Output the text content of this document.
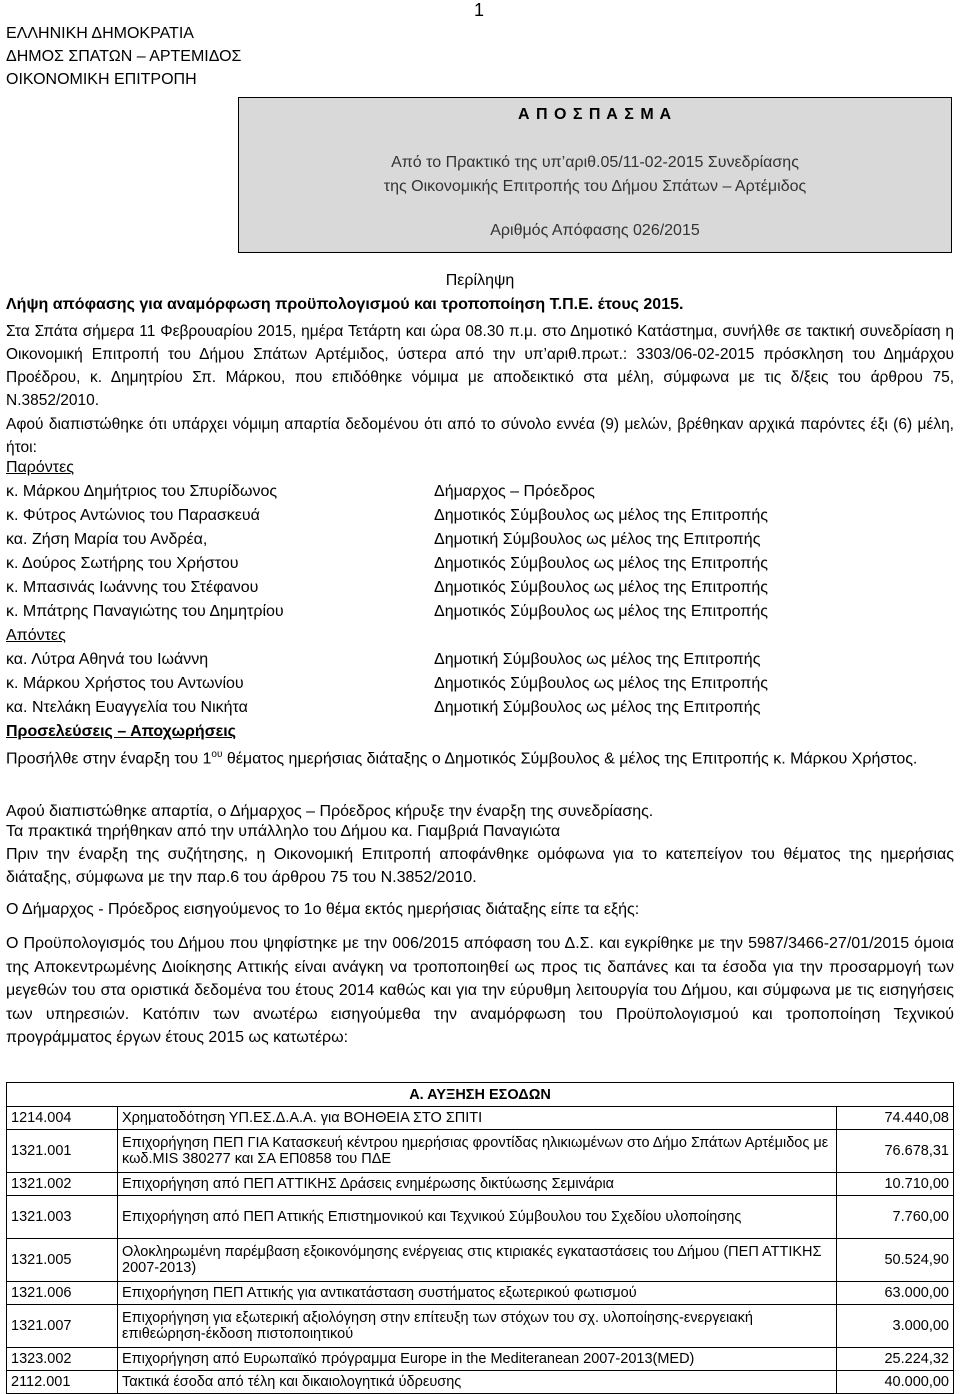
1
ΕΛΛΗΝΙΚΗ ΔΗΜΟΚΡΑΤΙΑ
ΔΗΜΟΣ ΣΠΑΤΩΝ – ΑΡΤΕΜΙΔΟΣ
ΟΙΚΟΝΟΜΙΚΗ ΕΠΙΤΡΟΠΗ
Α Π Ο Σ Π Α Σ Μ Α
Από το Πρακτικό της υπ’αριθ.05/11-02-2015 Συνεδρίασης
της Οικονομικής Επιτροπής του Δήμου Σπάτων – Αρτέμιδος
Αριθμός Απόφασης 026/2015
Περίληψη
Λήψη απόφασης για αναμόρφωση προϋπολογισμού και τροποποίηση Τ.Π.Ε. έτους 2015.
Στα Σπάτα σήμερα 11 Φεβρουαρίου 2015, ημέρα Τετάρτη και ώρα 08.30 π.μ. στο Δημοτικό Κατάστημα, συνήλθε σε τακτική συνεδρίαση η Οικονομική Επιτροπή του Δήμου Σπάτων Αρτέμιδος, ύστερα από την υπ’αριθ.πρωτ.: 3303/06-02-2015 πρόσκληση του Δημάρχου Προέδρου, κ. Δημητρίου Σπ. Μάρκου, που επιδόθηκε νόμιμα με αποδεικτικό στα μέλη, σύμφωνα με τις δ/ξεις του άρθρου 75, Ν.3852/2010.
Αφού διαπιστώθηκε ότι υπάρχει νόμιμη απαρτία δεδομένου ότι από το σύνολο εννέα (9) μελών, βρέθηκαν αρχικά παρόντες έξι (6) μέλη, ήτοι:
Παρόντες
κ. Μάρκου Δημήτριος του Σπυρίδωνος	Δήμαρχος – Πρόεδρος
κ. Φύτρος Αντώνιος του Παρασκευά	Δημοτικός Σύμβουλος ως μέλος της Επιτροπής
κα. Ζήση Μαρία του Ανδρέα,	Δημοτική Σύμβουλος ως μέλος της Επιτροπής
κ. Δούρος Σωτήρης του Χρήστου	Δημοτικός Σύμβουλος ως μέλος της Επιτροπής
κ. Μπασινάς Ιωάννης του Στέφανου	Δημοτικός Σύμβουλος ως μέλος της Επιτροπής
κ. Μπάτρης Παναγιώτης του Δημητρίου	Δημοτικός Σύμβουλος ως μέλος της Επιτροπής
Απόντες
κα. Λύτρα Αθηνά του Ιωάννη	Δημοτική Σύμβουλος ως μέλος της Επιτροπής
κ. Μάρκου Χρήστος του Αντωνίου	Δημοτικός Σύμβουλος ως μέλος της Επιτροπής
κα. Ντελάκη Ευαγγελία του Νικήτα	Δημοτική Σύμβουλος ως μέλος της Επιτροπής
Προσελεύσεις – Αποχωρήσεις
Προσήλθε στην έναρξη του $1^{o\upsilon}$ θέματος ημερήσιας διάταξης ο Δημοτικός Σύμβουλος & μέλος της Επιτροπής κ. Μάρκου Χρήστος.
Αφού διαπιστώθηκε απαρτία, ο Δήμαρχος – Πρόεδρος κήρυξε την έναρξη της συνεδρίασης.
Τα πρακτικά τηρήθηκαν από την υπάλληλο του Δήμου κα. Γιαμβριά Παναγιώτα
Πριν την έναρξη της συζήτησης, η Οικονομική Επιτροπή αποφάνθηκε ομόφωνα για το κατεπείγον του θέματος της ημερήσιας διάταξης, σύμφωνα με την παρ.6 του άρθρου 75 του Ν.3852/2010.
Ο Δήμαρχος - Πρόεδρος εισηγούμενος το 1ο θέμα εκτός ημερήσιας διάταξης είπε τα εξής:
Ο Προϋπολογισμός του Δήμου που ψηφίστηκε με την 006/2015 απόφαση του Δ.Σ. και εγκρίθηκε με την 5987/3466-27/01/2015 όμοια της Αποκεντρωμένης Διοίκησης Αττικής είναι ανάγκη να τροποποιηθεί ως προς τις δαπάνες και τα έσοδα για την προσαρμογή των μεγεθών του στα οριστικά δεδομένα του έτους 2014 καθώς και για την εύρυθμη λειτουργία του Δήμου, και σύμφωνα με τις εισηγήσεις των υπηρεσιών. Κατόπιν των ανωτέρω εισηγούμεθα την αναμόρφωση του Προϋπολογισμού και τροποποίηση Τεχνικού προγράμματος έργων έτους 2015 ως κατωτέρω:
Α. ΑΥΞΗΣΗ ΕΣΟΔΩΝ		
1214.004	Χρηματοδότηση ΥΠ.ΕΣ.Δ.Α.Α. για ΒΟΗΘΕΙΑ ΣΤΟ ΣΠΙΤΙ	74.440,08
1321.001	Επιχορήγηση ΠΕΠ ΓΙΑ Κατασκευή κέντρου ημερήσιας φροντίδας ηλικιωμένων στο Δήμο Σπάτων Αρτέμιδος με κωδ.MIS 380277 και ΣΑ ΕΠ0858 του ΠΔΕ	76.678,31
1321.002	Επιχορήγηση από ΠΕΠ ΑΤΤΙΚΗΣ Δράσεις ενημέρωσης δικτύωσης Σεμινάρια	10.710,00
1321.003	Επιχορήγηση από ΠΕΠ Αττικής Επιστημονικού και Τεχνικού Σύμβουλου του Σχεδίου υλοποίησης	7.760,00
1321.005	Ολοκληρωμένη παρέμβαση εξοικονόμησης ενέργειας στις κτιριακές εγκαταστάσεις του Δήμου (ΠΕΠ ΑΤΤΙΚΗΣ 2007-2013)	50.524,90
1321.006	Επιχορήγηση ΠΕΠ Αττικής για αντικατάσταση συστήματος εξωτερικού φωτισμού	63.000,00
1321.007	Επιχορήγηση για εξωτερική αξιολόγηση στην επίτευξη των στόχων του σχ. υλοποίησης-ενεργειακή επιθεώρηση-έκδοση πιστοποιητικού	3.000,00
1323.002	Επιχορήγηση από Ευρωπαϊκό πρόγραμμα Europe in the Mediteranean 2007-2013(MED)	25.224,32
2112.001	Τακτικά έσοδα από τέλη και δικαιολογητικά ύδρευσης	40.000,00
